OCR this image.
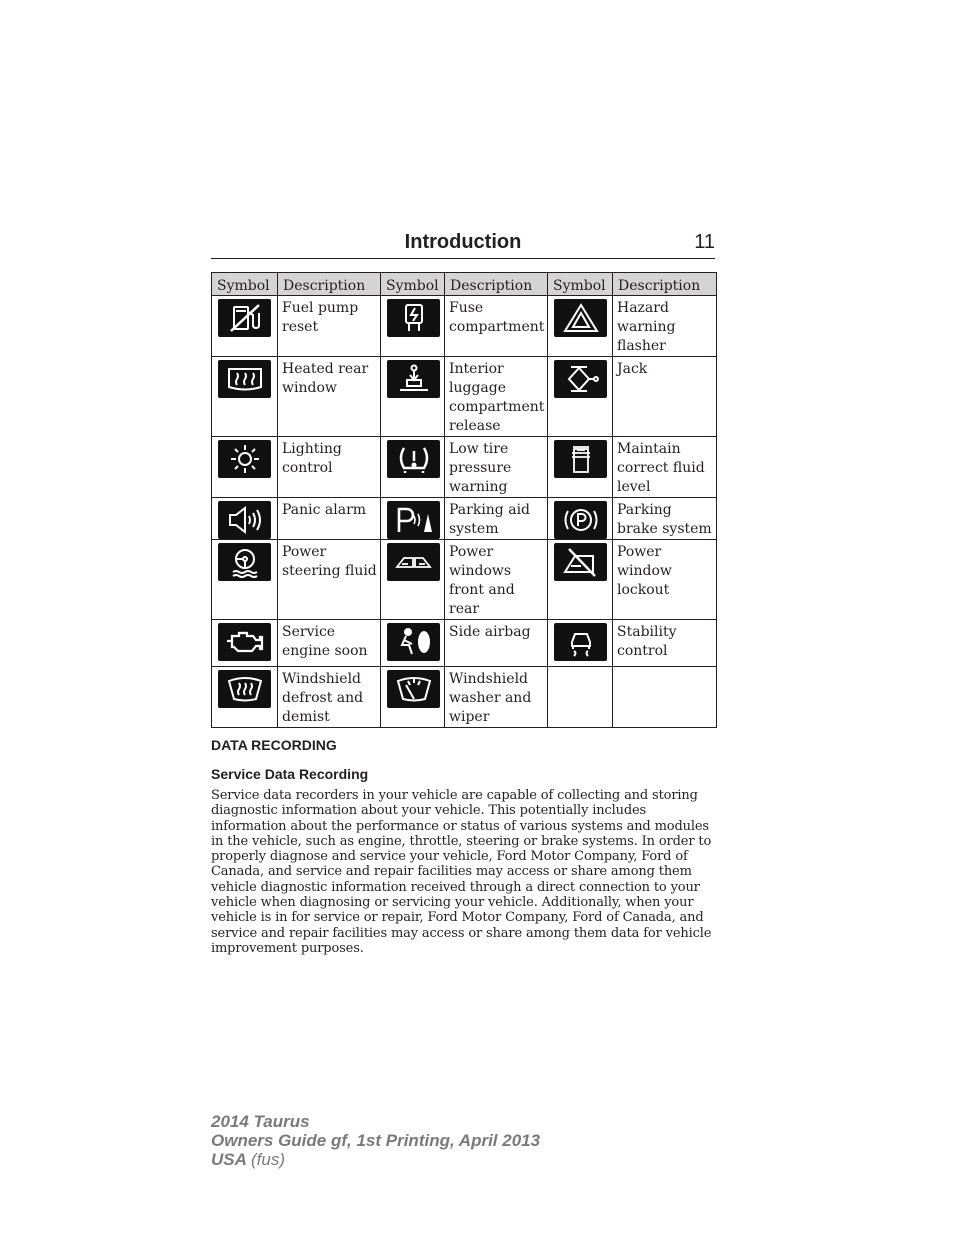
Introduction	11
Symbol	Description	Symbol	Description	Symbol	Description

	Fuel pump reset		Fuse compartment		Hazard warning flasher

	Heated rear window		Interior luggage compartment release		Jack

	Lighting control		Low tire pressure warning		Maintain correct fluid level

	Panic alarm		Parking aid system		Parking brake system

	Power steering fluid		Power windows front and rear		Power window lockout

	Service engine soon		Side airbag		Stability control

	Windshield defrost and demist		Windshield washer and wiper		
DATA RECORDING
Service Data Recording

Service data recorders in your vehicle are capable of collecting and storing diagnostic information about your vehicle. This potentially includes information about the performance or status of various systems and modules in the vehicle, such as engine, throttle, steering or brake systems. In order to properly diagnose and service your vehicle, Ford Motor Company, Ford of Canada, and service and repair facilities may access or share among them vehicle diagnostic information received through a direct connection to your vehicle when diagnosing or servicing your vehicle. Additionally, when your vehicle is in for service or repair, Ford Motor Company, Ford of Canada, and service and repair facilities may access or share among them data for vehicle improvement purposes.

2014 Taurus
Owners Guide gf, 1st Printing, April 2013
USA (fus)
